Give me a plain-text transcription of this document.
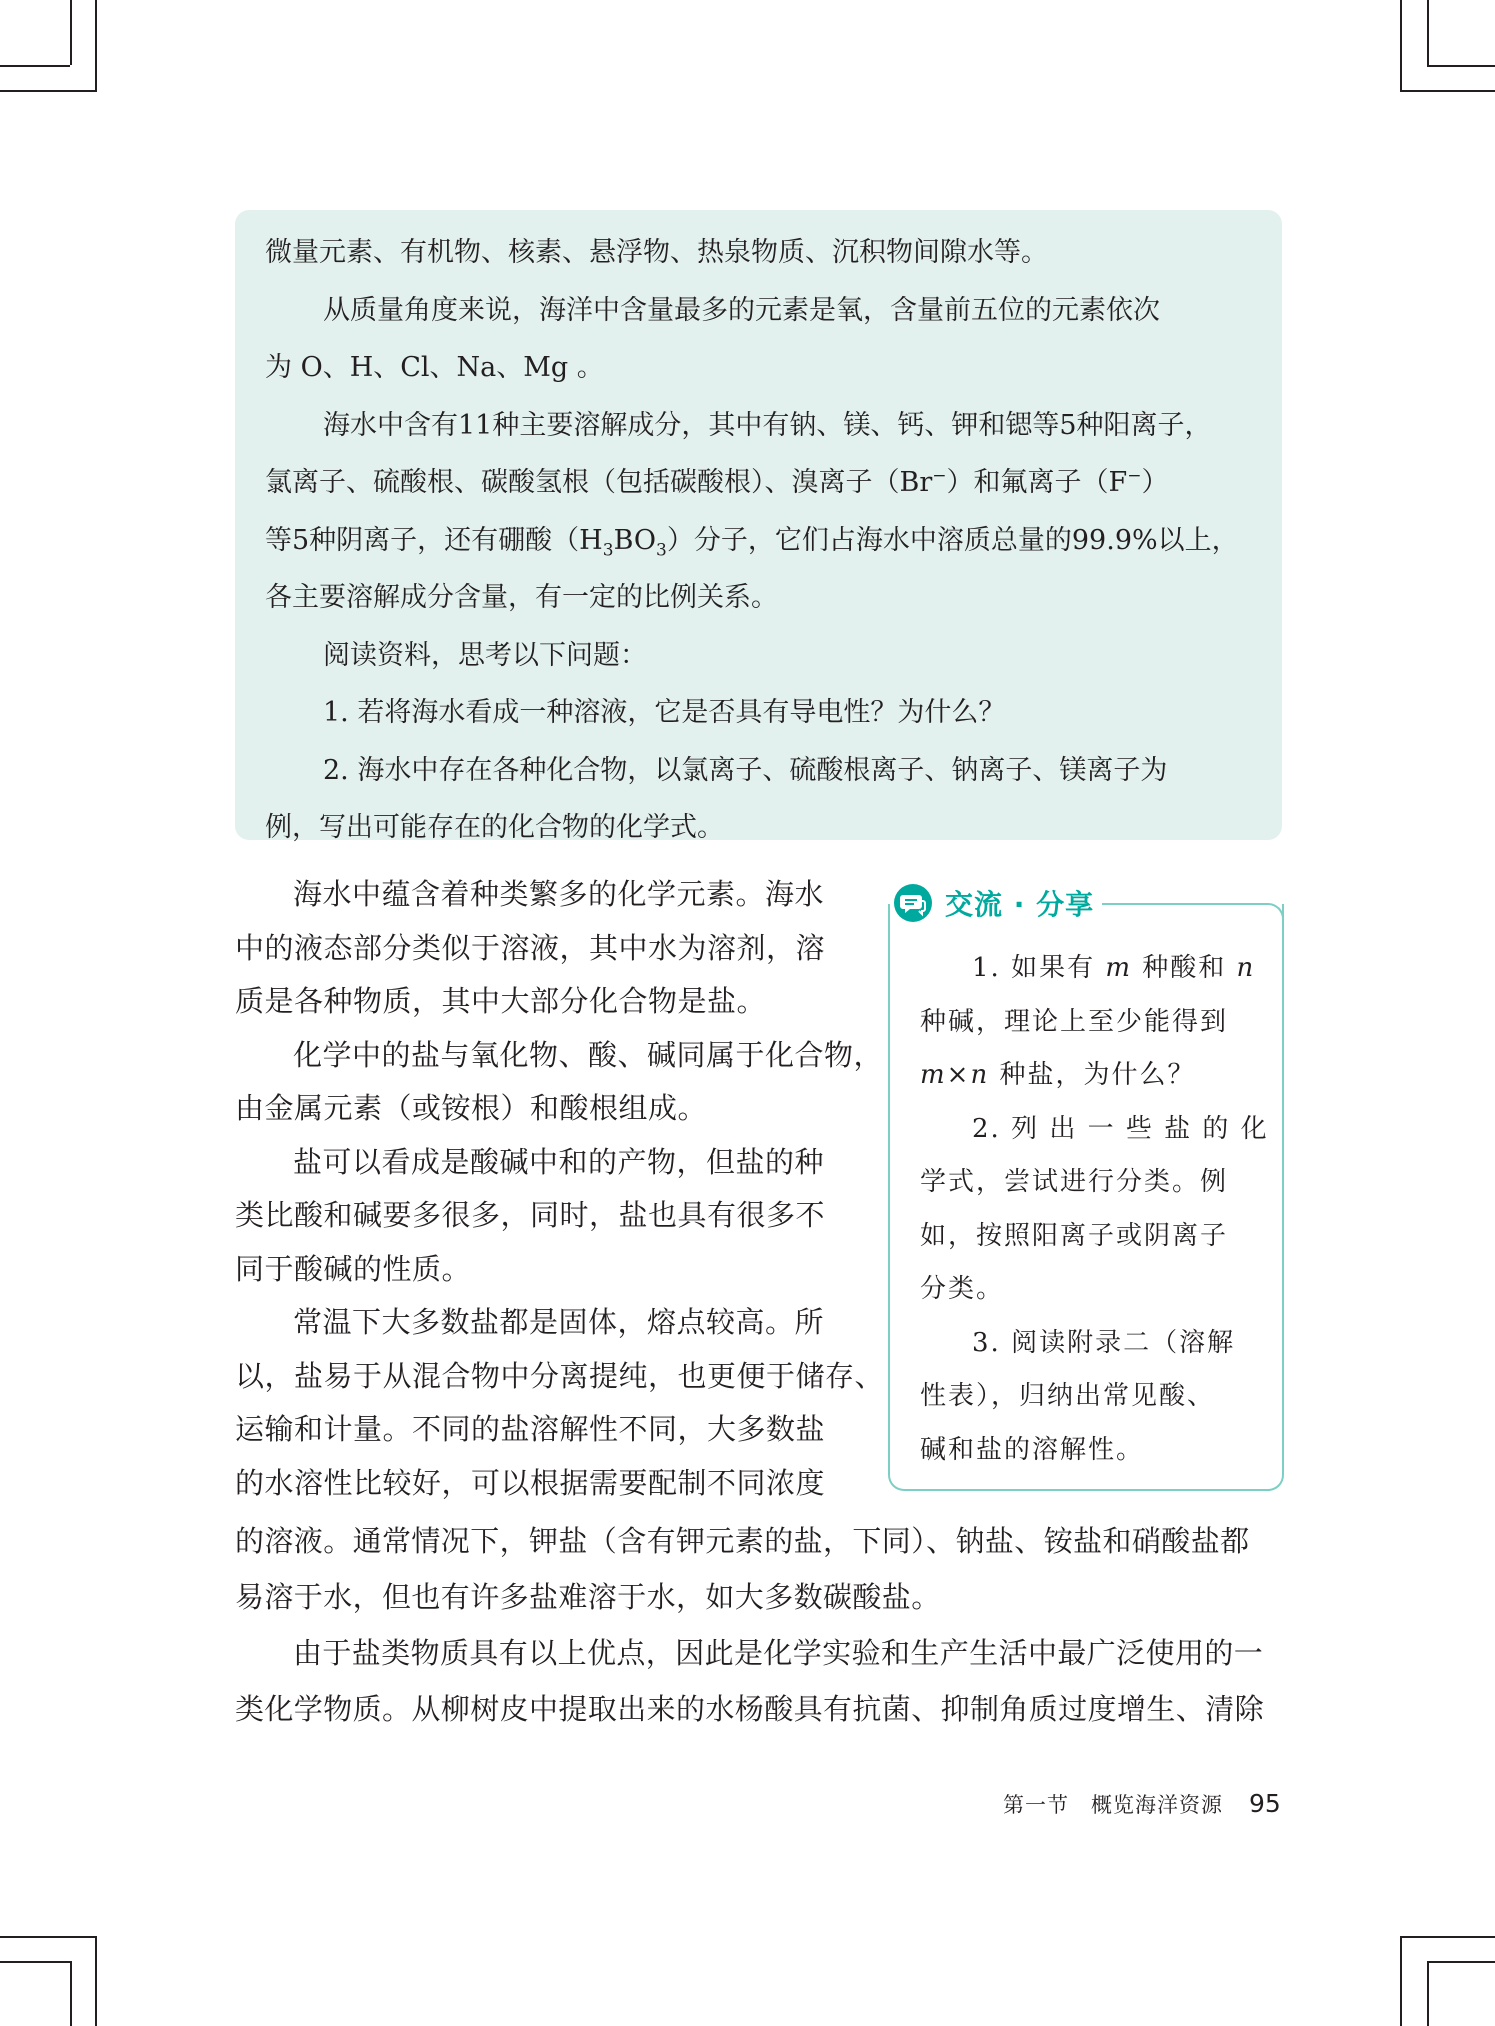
微量元素、有机物、核素、悬浮物、热泉物质、沉积物间隙水等。

从质量角度来说，海洋中含量最多的元素是氧，含量前五位的元素依次

为 O、H、Cl、Na、Mg 。

海水中含有11种主要溶解成分，其中有钠、镁、钙、钾和锶等5种阳离子，

氯离子、硫酸根、碳酸氢根（包括碳酸根）、溴离子（Br−）和氟离子（F−）

等5种阴离子，还有硼酸$(H_3BO_3)$分子，它们占海水中溶质总量的99.9%以上，

各主要溶解成分含量，有一定的比例关系。

阅读资料，思考以下问题：

1. 若将海水看成一种溶液，它是否具有导电性？为什么？

2. 海水中存在各种化合物，以氯离子、硫酸根离子、钠离子、镁离子为

例，写出可能存在的化合物的化学式。

海水中蕴含着种类繁多的化学元素。海水

中的液态部分类似于溶液，其中水为溶剂，溶

质是各种物质，其中大部分化合物是盐。

化学中的盐与氧化物、酸、碱同属于化合物，

由金属元素（或铵根）和酸根组成。

盐可以看成是酸碱中和的产物，但盐的种

类比酸和碱要多很多，同时，盐也具有很多不

同于酸碱的性质。

常温下大多数盐都是固体，熔点较高。所

以，盐易于从混合物中分离提纯，也更便于储存、

运输和计量。不同的盐溶解性不同，大多数盐

的水溶性比较好，可以根据需要配制不同浓度

1. 如果有 m 种酸和 n

种碱，理论上至少能得到

m×n 种盐，为什么？

2. 列 出 一 些 盐 的 化

学式，尝试进行分类。例

如，按照阳离子或阴离子

分类。

3. 阅读附录二（溶解

性表），归纳出常见酸、

碱和盐的溶解性。

交流 · 分享

的溶液。通常情况下，钾盐（含有钾元素的盐，下同）、钠盐、铵盐和硝酸盐都

易溶于水，但也有许多盐难溶于水，如大多数碳酸盐。

由于盐类物质具有以上优点，因此是化学实验和生产生活中最广泛使用的一

类化学物质。从柳树皮中提取出来的水杨酸具有抗菌、抑制角质过度增生、清除

第一节　概览海洋资源 95
